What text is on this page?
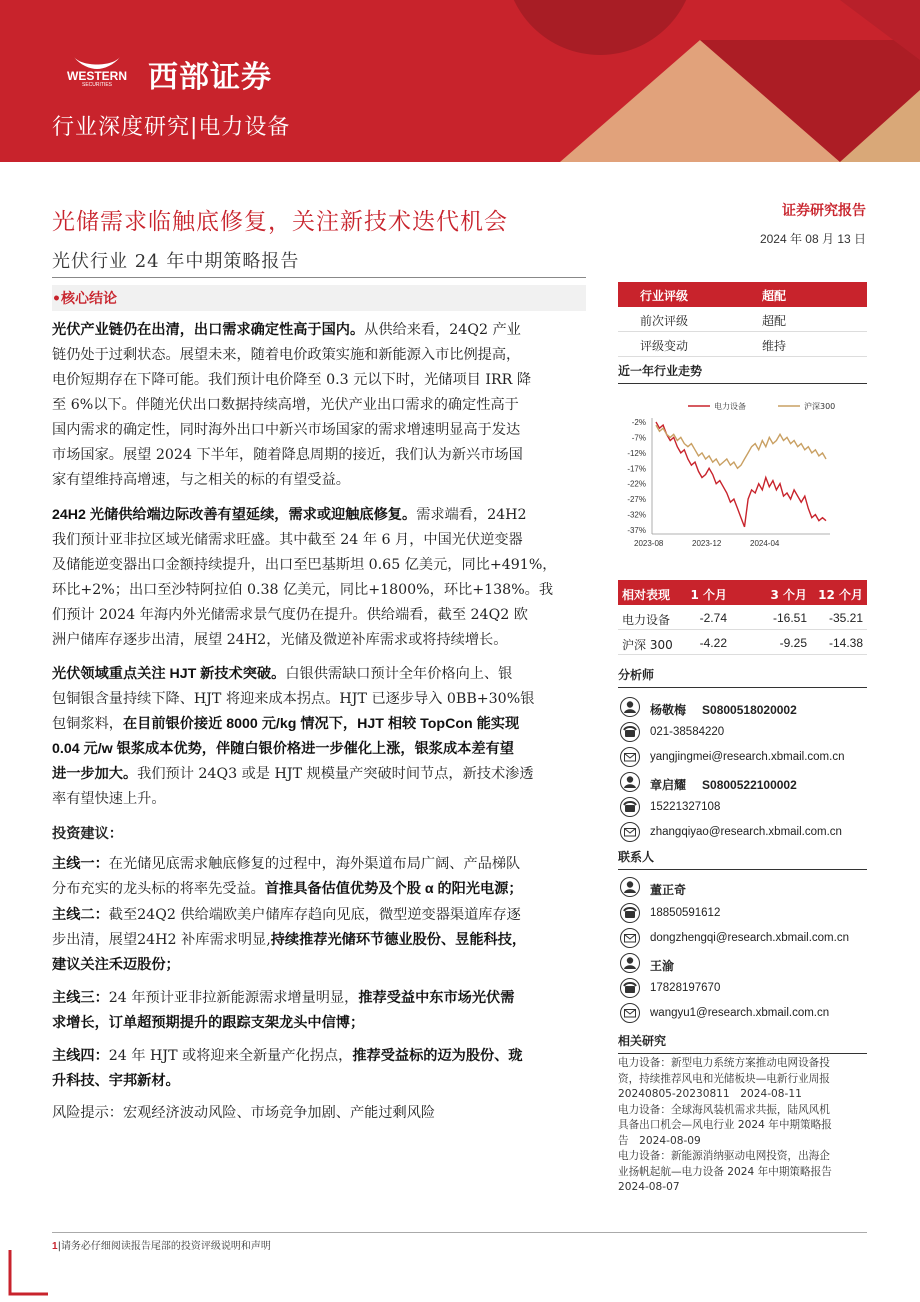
WESTERN
SECURITIES 西部证券
行业深度研究|电力设备
光储需求临触底修复，关注新技术迭代机会
光伏行业 24 年中期策略报告
证券研究报告
2024 年 08 月 13 日
•核心结论
光伏产业链仍在出清，出口需求确定性高于国内。从供给来看，24Q2 产业
链仍处于过剩状态。展望未来，随着电价政策实施和新能源入市比例提高，
电价短期存在下降可能。我们预计电价降至 0.3 元以下时，光储项目 IRR 降
至 6%以下。伴随光伏出口数据持续高增，光伏产业出口需求的确定性高于
国内需求的确定性，同时海外出口中新兴市场国家的需求增速明显高于发达
市场国家。展望 2024 下半年，随着降息周期的接近，我们认为新兴市场国
家有望维持高增速，与之相关的标的有望受益。
24H2 光储供给端边际改善有望延续，需求或迎触底修复。需求端看，24H2
我们预计亚非拉区域光储需求旺盛。其中截至 24 年 6 月，中国光伏逆变器
及储能逆变器出口金额持续提升，出口至巴基斯坦 0.65 亿美元，同比+491%，
环比+2%；出口至沙特阿拉伯 0.38 亿美元，同比+1800%，环比+138%。我
们预计 2024 年海内外光储需求景气度仍在提升。供给端看，截至 24Q2 欧
洲户储库存逐步出清，展望 24H2，光储及微逆补库需求或将持续增长。
光伏领域重点关注 HJT 新技术突破。白银供需缺口预计全年价格向上、银
包铜银含量持续下降、HJT 将迎来成本拐点。HJT 已逐步导入 0BB+30%银
包铜浆料，在目前银价接近 8000 元/kg 情况下，HJT 相较 TopCon 能实现
0.04 元/w 银浆成本优势，伴随白银价格进一步催化上涨，银浆成本差有望
进一步加大。我们预计 24Q3 或是 HJT 规模量产突破时间节点，新技术渗透
率有望快速上升。
投资建议：
主线一：在光储见底需求触底修复的过程中，海外渠道布局广阔、产品梯队
分布充实的龙头标的将率先受益。首推具备估值优势及个股 α 的阳光电源；
主线二：截至24Q2 供给端欧美户储库存趋向见底，微型逆变器渠道库存逐
步出清，展望24H2 补库需求明显,持续推荐光储环节德业股份、昱能科技，
建议关注禾迈股份；
主线三：24 年预计亚非拉新能源需求增量明显，推荐受益中东市场光伏需
求增长，订单超预期提升的跟踪支架龙头中信博；
主线四：24 年 HJT 或将迎来全新量产化拐点，推荐受益标的迈为股份、珑
升科技、宇邦新材。
风险提示：宏观经济波动风险、市场竞争加剧、产能过剩风险
行业评级	超配
前次评级	超配
评级变动	维持
近一年行业走势
电力设备	沪深300
-2%
-7%
-12%
-17%
-22%
-27%
-32%
-37%
2023-08	2023-12	2024-04
相对表现 1 个月	3 个月 12 个月
电力设备 -2.74	-16.51 -35.21
沪深 300 -4.22	-9.25 -14.38
分析师
杨敬梅 S0800518020002
021-38584220
yangjingmei@research.xbmail.com.cn
章启耀 S0800522100002
15221327108
zhangqiyao@research.xbmail.com.cn
联系人
董正奇
18850591612
dongzhengqi@research.xbmail.com.cn
王渝
17828197670
wangyu1@research.xbmail.com.cn
相关研究
电力设备：新型电力系统方案推动电网设备投
资，持续推荐风电和光储板块—电新行业周报
20240805-20230811　2024-08-11
电力设备：全球海风装机需求共振，陆风风机
具备出口机会—风电行业 2024 年中期策略报
告　2024-08-09
电力设备：新能源消纳驱动电网投资，出海企
业扬帆起航—电力设备 2024 年中期策略报告
2024-08-07
1|请务必仔细阅读报告尾部的投资评级说明和声明
